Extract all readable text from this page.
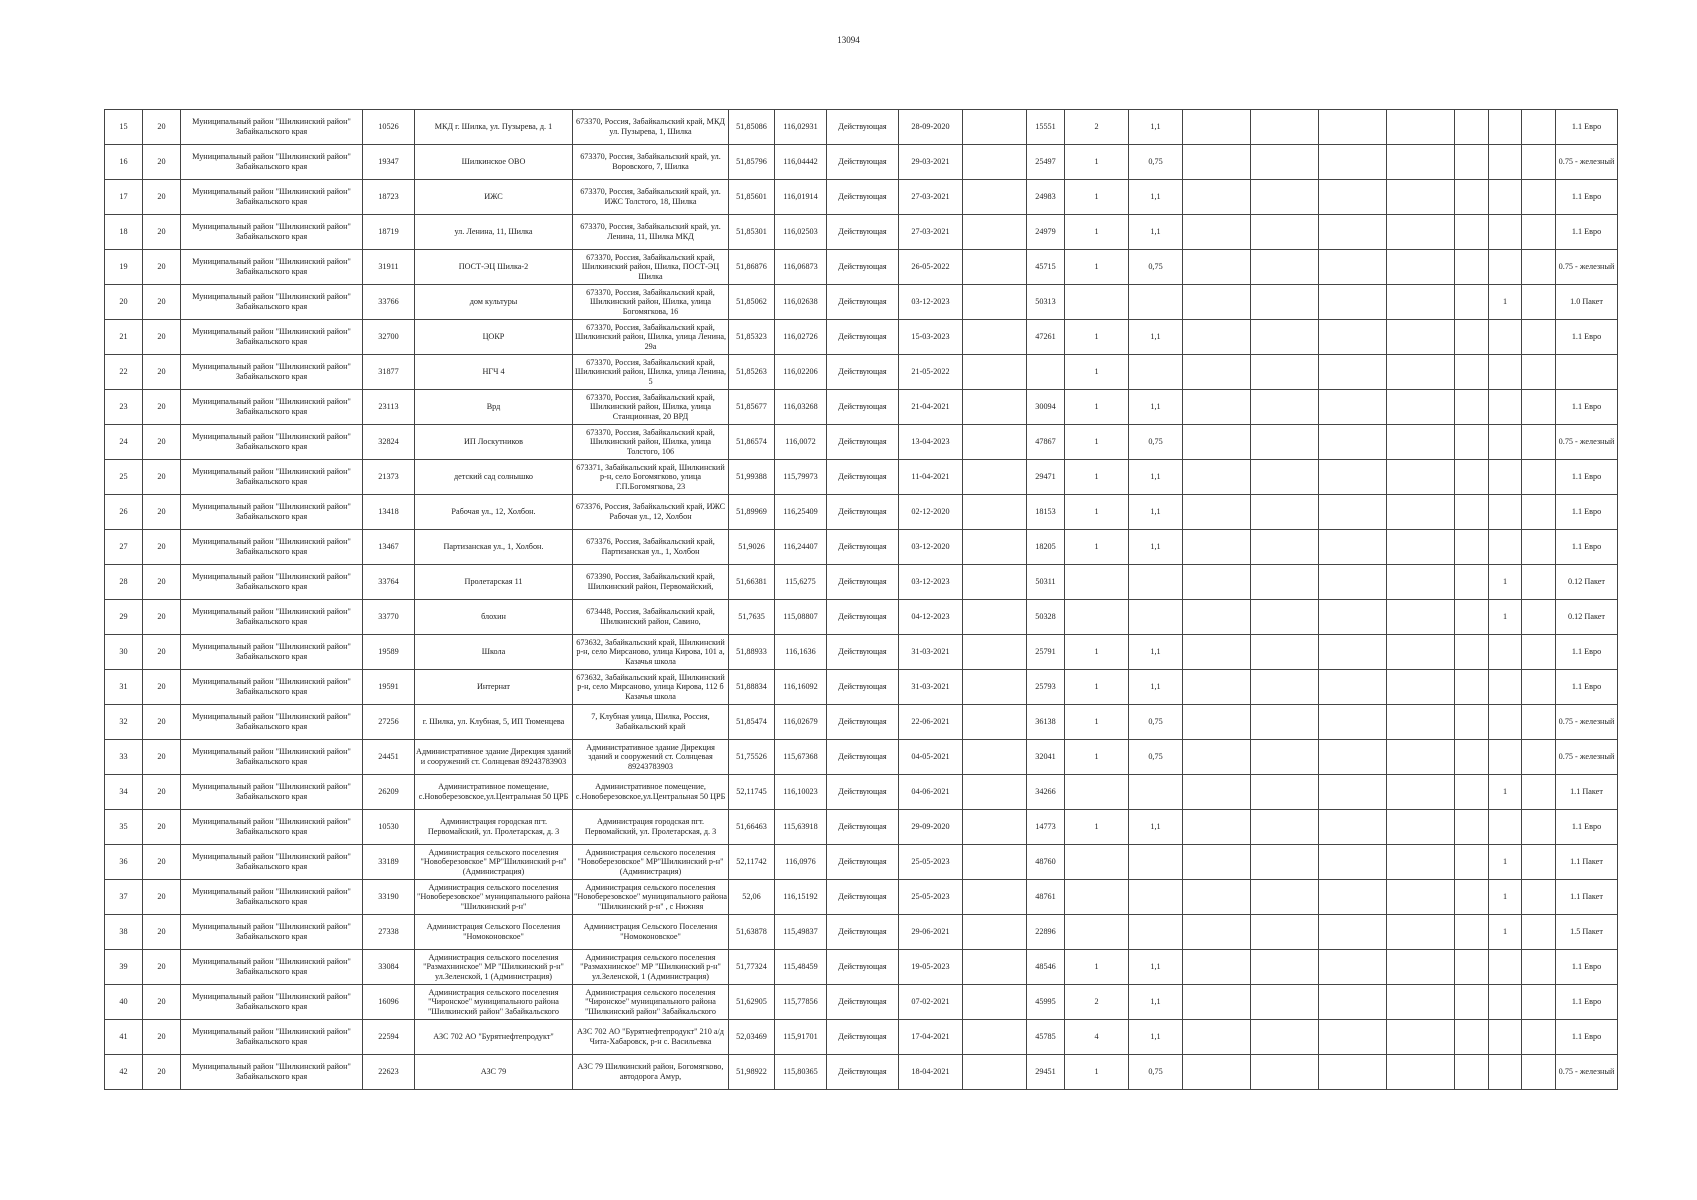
13094
15	20	Муниципальный район "Шилкинский район" Забайкальского края	10526	МКД г. Шилка, ул. Пузырева, д. 1	673370, Россия, Забайкальский край, МКД ул. Пузырева, 1, Шилка	51,85086	116,02931	Действующая	28-09-2020		15551	2	1,1								1.1 Евро

16	20	Муниципальный район "Шилкинский район" Забайкальского края	19347	Шилкинское ОВО	673370, Россия, Забайкальский край, ул. Воровского, 7, Шилка	51,85796	116,04442	Действующая	29-03-2021		25497	1	0,75								0.75 - железный

17	20	Муниципальный район "Шилкинский район" Забайкальского края	18723	ИЖС	673370, Россия, Забайкальский край, ул. ИЖС Толстого, 18, Шилка	51,85601	116,01914	Действующая	27-03-2021		24983	1	1,1								1.1 Евро

18	20	Муниципальный район "Шилкинский район" Забайкальского края	18719	ул. Ленина, 11, Шилка	673370, Россия, Забайкальский край, ул. Ленина, 11, Шилка МКД	51,85301	116,02503	Действующая	27-03-2021		24979	1	1,1								1.1 Евро

19	20	Муниципальный район "Шилкинский район" Забайкальского края	31911	ПОСТ-ЭЦ Шилка-2	673370, Россия, Забайкальский край, Шилкинский район, Шилка, ПОСТ-ЭЦ Шилка	51,86876	116,06873	Действующая	26-05-2022		45715	1	0,75								0.75 - железный

20	20	Муниципальный район "Шилкинский район" Забайкальского края	33766	дом культуры	673370, Россия, Забайкальский край, Шилкинский район, Шилка, улица Богомягкова, 16	51,85062	116,02638	Действующая	03-12-2023		50313								1		1.0 Пакет

21	20	Муниципальный район "Шилкинский район" Забайкальского края	32700	ЦОКР	673370, Россия, Забайкальский край, Шилкинский район, Шилка, улица Ленина, 29а	51,85323	116,02726	Действующая	15-03-2023		47261	1	1,1								1.1 Евро

22	20	Муниципальный район "Шилкинский район" Забайкальского края	31877	НГЧ 4	673370, Россия, Забайкальский край, Шилкинский район, Шилка, улица Ленина, 5	51,85263	116,02206	Действующая	21-05-2022			1									

23	20	Муниципальный район "Шилкинский район" Забайкальского края	23113	Врд	673370, Россия, Забайкальский край, Шилкинский район, Шилка, улица Станционная, 20 ВРД	51,85677	116,03268	Действующая	21-04-2021		30094	1	1,1								1.1 Евро

24	20	Муниципальный район "Шилкинский район" Забайкальского края	32824	ИП Лоскутников	673370, Россия, Забайкальский край, Шилкинский район, Шилка, улица Толстого, 106	51,86574	116,0072	Действующая	13-04-2023		47867	1	0,75								0.75 - железный

25	20	Муниципальный район "Шилкинский район" Забайкальского края	21373	детский сад солнышко	673371, Забайкальский край, Шилкинский р-н, село Богомягково, улица Г.П.Богомягкова, 23	51,99388	115,79973	Действующая	11-04-2021		29471	1	1,1								1.1 Евро

26	20	Муниципальный район "Шилкинский район" Забайкальского края	13418	Рабочая ул., 12, Холбон.	673376, Россия, Забайкальский край, ИЖС Рабочая ул., 12, Холбон	51,89969	116,25409	Действующая	02-12-2020		18153	1	1,1								1.1 Евро

27	20	Муниципальный район "Шилкинский район" Забайкальского края	13467	Партизанская ул., 1, Холбон.	673376, Россия, Забайкальский край, Партизанская ул., 1, Холбон	51,9026	116,24407	Действующая	03-12-2020		18205	1	1,1								1.1 Евро

28	20	Муниципальный район "Шилкинский район" Забайкальского края	33764	Пролетарская 11	673390, Россия, Забайкальский край, Шилкинский район, Первомайский,	51,66381	115,6275	Действующая	03-12-2023		50311								1		0.12 Пакет

29	20	Муниципальный район "Шилкинский район" Забайкальского края	33770	блохин	673448, Россия, Забайкальский край, Шилкинский район, Савино,	51,7635	115,08807	Действующая	04-12-2023		50328								1		0.12 Пакет

30	20	Муниципальный район "Шилкинский район" Забайкальского края	19589	Школа	673632, Забайкальский край, Шилкинский р-н, село Мирсаново, улица Кирова, 101 а, Казачья школа	51,88933	116,1636	Действующая	31-03-2021		25791	1	1,1								1.1 Евро

31	20	Муниципальный район "Шилкинский район" Забайкальского края	19591	Интернат	673632, Забайкальский край, Шилкинский р-н, село Мирсаново, улица Кирова, 112 б Казачья школа	51,88834	116,16092	Действующая	31-03-2021		25793	1	1,1								1.1 Евро

32	20	Муниципальный район "Шилкинский район" Забайкальского края	27256	г. Шилка, ул. Клубная, 5, ИП Тюменцева	7, Клубная улица, Шилка, Россия, Забайкальский край	51,85474	116,02679	Действующая	22-06-2021		36138	1	0,75								0.75 - железный

33	20	Муниципальный район "Шилкинский район" Забайкальского края	24451	Административное здание Дирекция зданий и сооружений ст. Солнцевая 89243783903	Административное здание Дирекция зданий и сооружений ст. Солнцевая 89243783903	51,75526	115,67368	Действующая	04-05-2021		32041	1	0,75								0.75 - железный

34	20	Муниципальный район "Шилкинский район" Забайкальского края	26209	Административное помещение, с.Новоберезовское,ул.Центральная 50 ЦРБ	Административное помещение, с.Новоберезовское,ул.Центральная 50 ЦРБ	52,11745	116,10023	Действующая	04-06-2021		34266								1		1.1 Пакет

35	20	Муниципальный район "Шилкинский район" Забайкальского края	10530	Администрация городская пгт. Первомайский, ул. Пролетарская, д. 3	Администрация городская пгт. Первомайский, ул. Пролетарская, д. 3	51,66463	115,63918	Действующая	29-09-2020		14773	1	1,1								1.1 Евро

36	20	Муниципальный район "Шилкинский район" Забайкальского края	33189	Администрация сельского поселения "Новоберезовское" МР"Шилкинский р-н" (Администрация)	Администрация сельского поселения "Новоберезовское" МР"Шилкинский р-н" (Администрация)	52,11742	116,0976	Действующая	25-05-2023		48760								1		1.1 Пакет

37	20	Муниципальный район "Шилкинский район" Забайкальского края	33190	Администрация сельского поселения "Новоберезовское" муниципального района "Шилкинский р-н"	Администрация сельского поселения "Новоберезовское" муниципального района "Шилкинский р-н" , с Нижняя	52,06	116,15192	Действующая	25-05-2023		48761								1		1.1 Пакет

38	20	Муниципальный район "Шилкинский район" Забайкальского края	27338	Администрация Сельского Поселения "Номоконовское"	Администрация Сельского Поселения "Номоконовское"	51,63878	115,49837	Действующая	29-06-2021		22896								1		1.5 Пакет

39	20	Муниципальный район "Шилкинский район" Забайкальского края	33084	Администрация сельского поселения "Размахнинское" МР "Шилкинский р-н" ул.Зеленской, 1 (Администрация)	Администрация сельского поселения "Размахнинское" МР "Шилкинский р-н" ул.Зеленской, 1 (Администрация)	51,77324	115,48459	Действующая	19-05-2023		48546	1	1,1								1.1 Евро

40	20	Муниципальный район "Шилкинский район" Забайкальского края	16096	Администрация сельского поселения "Чиронское" муниципального района "Шилкинский район" Забайкальского	Администрация сельского поселения "Чиронское" муниципального района "Шилкинский район" Забайкальского	51,62905	115,77856	Действующая	07-02-2021		45995	2	1,1								1.1 Евро

41	20	Муниципальный район "Шилкинский район" Забайкальского края	22594	АЗС 702 АО "Бурятнефтепродукт"	АЗС 702 АО "Бурятнефтепродукт" 210 а/д Чита-Хабаровск, р-н с. Васильевка	52,03469	115,91701	Действующая	17-04-2021		45785	4	1,1								1.1 Евро

42	20	Муниципальный район "Шилкинский район" Забайкальского края	22623	АЗС 79	АЗС 79 Шилкинский район, Богомягково, автодорога Амур,	51,98922	115,80365	Действующая	18-04-2021		29451	1	0,75								0.75 - железный
